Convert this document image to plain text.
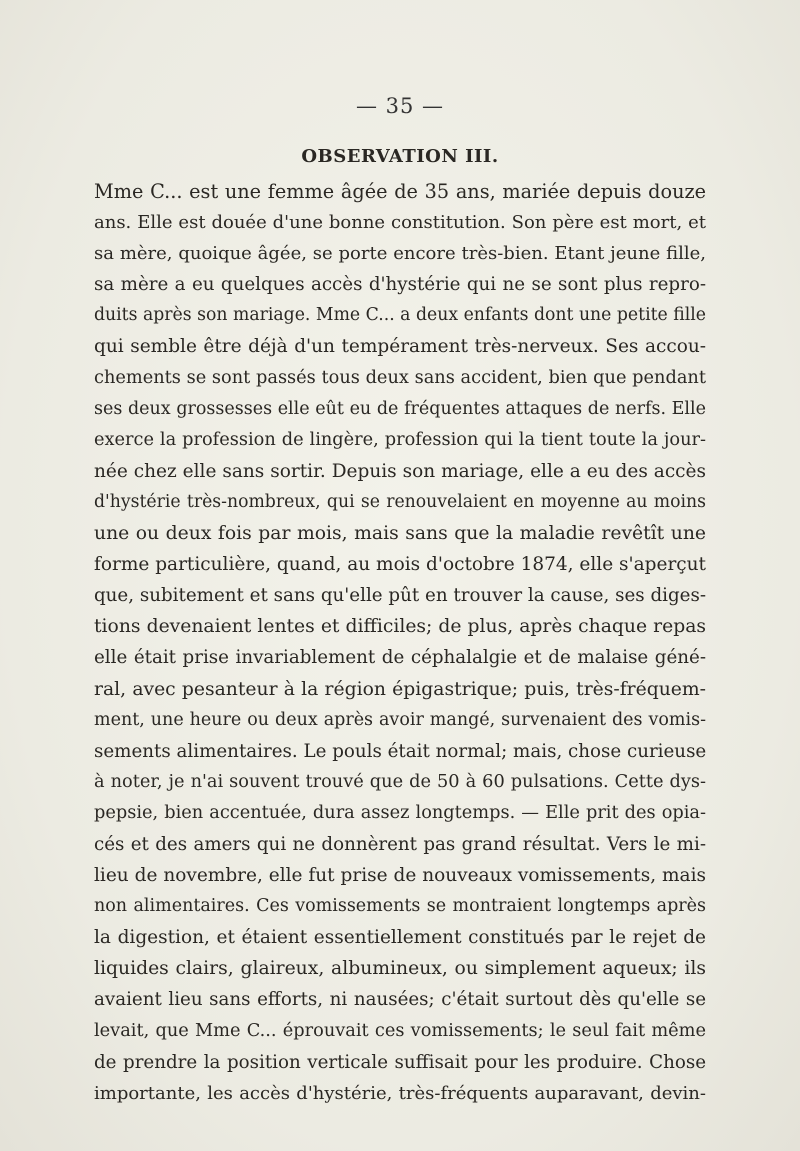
— 35 —
OBSERVATION III.
Mme C... est une femme âgée de 35 ans, mariée depuis douze
ans. Elle est douée d'une bonne constitution. Son père est mort, et
sa mère, quoique âgée, se porte encore très-bien. Etant jeune fille,
sa mère a eu quelques accès d'hystérie qui ne se sont plus repro-
duits après son mariage. Mme C... a deux enfants dont une petite fille
qui semble être déjà d'un tempérament très-nerveux. Ses accou-
chements se sont passés tous deux sans accident, bien que pendant
ses deux grossesses elle eût eu de fréquentes attaques de nerfs. Elle
exerce la profession de lingère, profession qui la tient toute la jour-
née chez elle sans sortir. Depuis son mariage, elle a eu des accès
d'hystérie très-nombreux, qui se renouvelaient en moyenne au moins
une ou deux fois par mois, mais sans que la maladie revêtît une
forme particulière, quand, au mois d'octobre 1874, elle s'aperçut
que, subitement et sans qu'elle pût en trouver la cause, ses diges-
tions devenaient lentes et difficiles; de plus, après chaque repas
elle était prise invariablement de céphalalgie et de malaise géné-
ral, avec pesanteur à la région épigastrique; puis, très-fréquem-
ment, une heure ou deux après avoir mangé, survenaient des vomis-
sements alimentaires. Le pouls était normal; mais, chose curieuse
à noter, je n'ai souvent trouvé que de 50 à 60 pulsations. Cette dys-
pepsie, bien accentuée, dura assez longtemps. — Elle prit des opia-
cés et des amers qui ne donnèrent pas grand résultat. Vers le mi-
lieu de novembre, elle fut prise de nouveaux vomissements, mais
non alimentaires. Ces vomissements se montraient longtemps après
la digestion, et étaient essentiellement constitués par le rejet de
liquides clairs, glaireux, albumineux, ou simplement aqueux; ils
avaient lieu sans efforts, ni nausées; c'était surtout dès qu'elle se
levait, que Mme C... éprouvait ces vomissements; le seul fait même
de prendre la position verticale suffisait pour les produire. Chose
importante, les accès d'hystérie, très-fréquents auparavant, devin-
